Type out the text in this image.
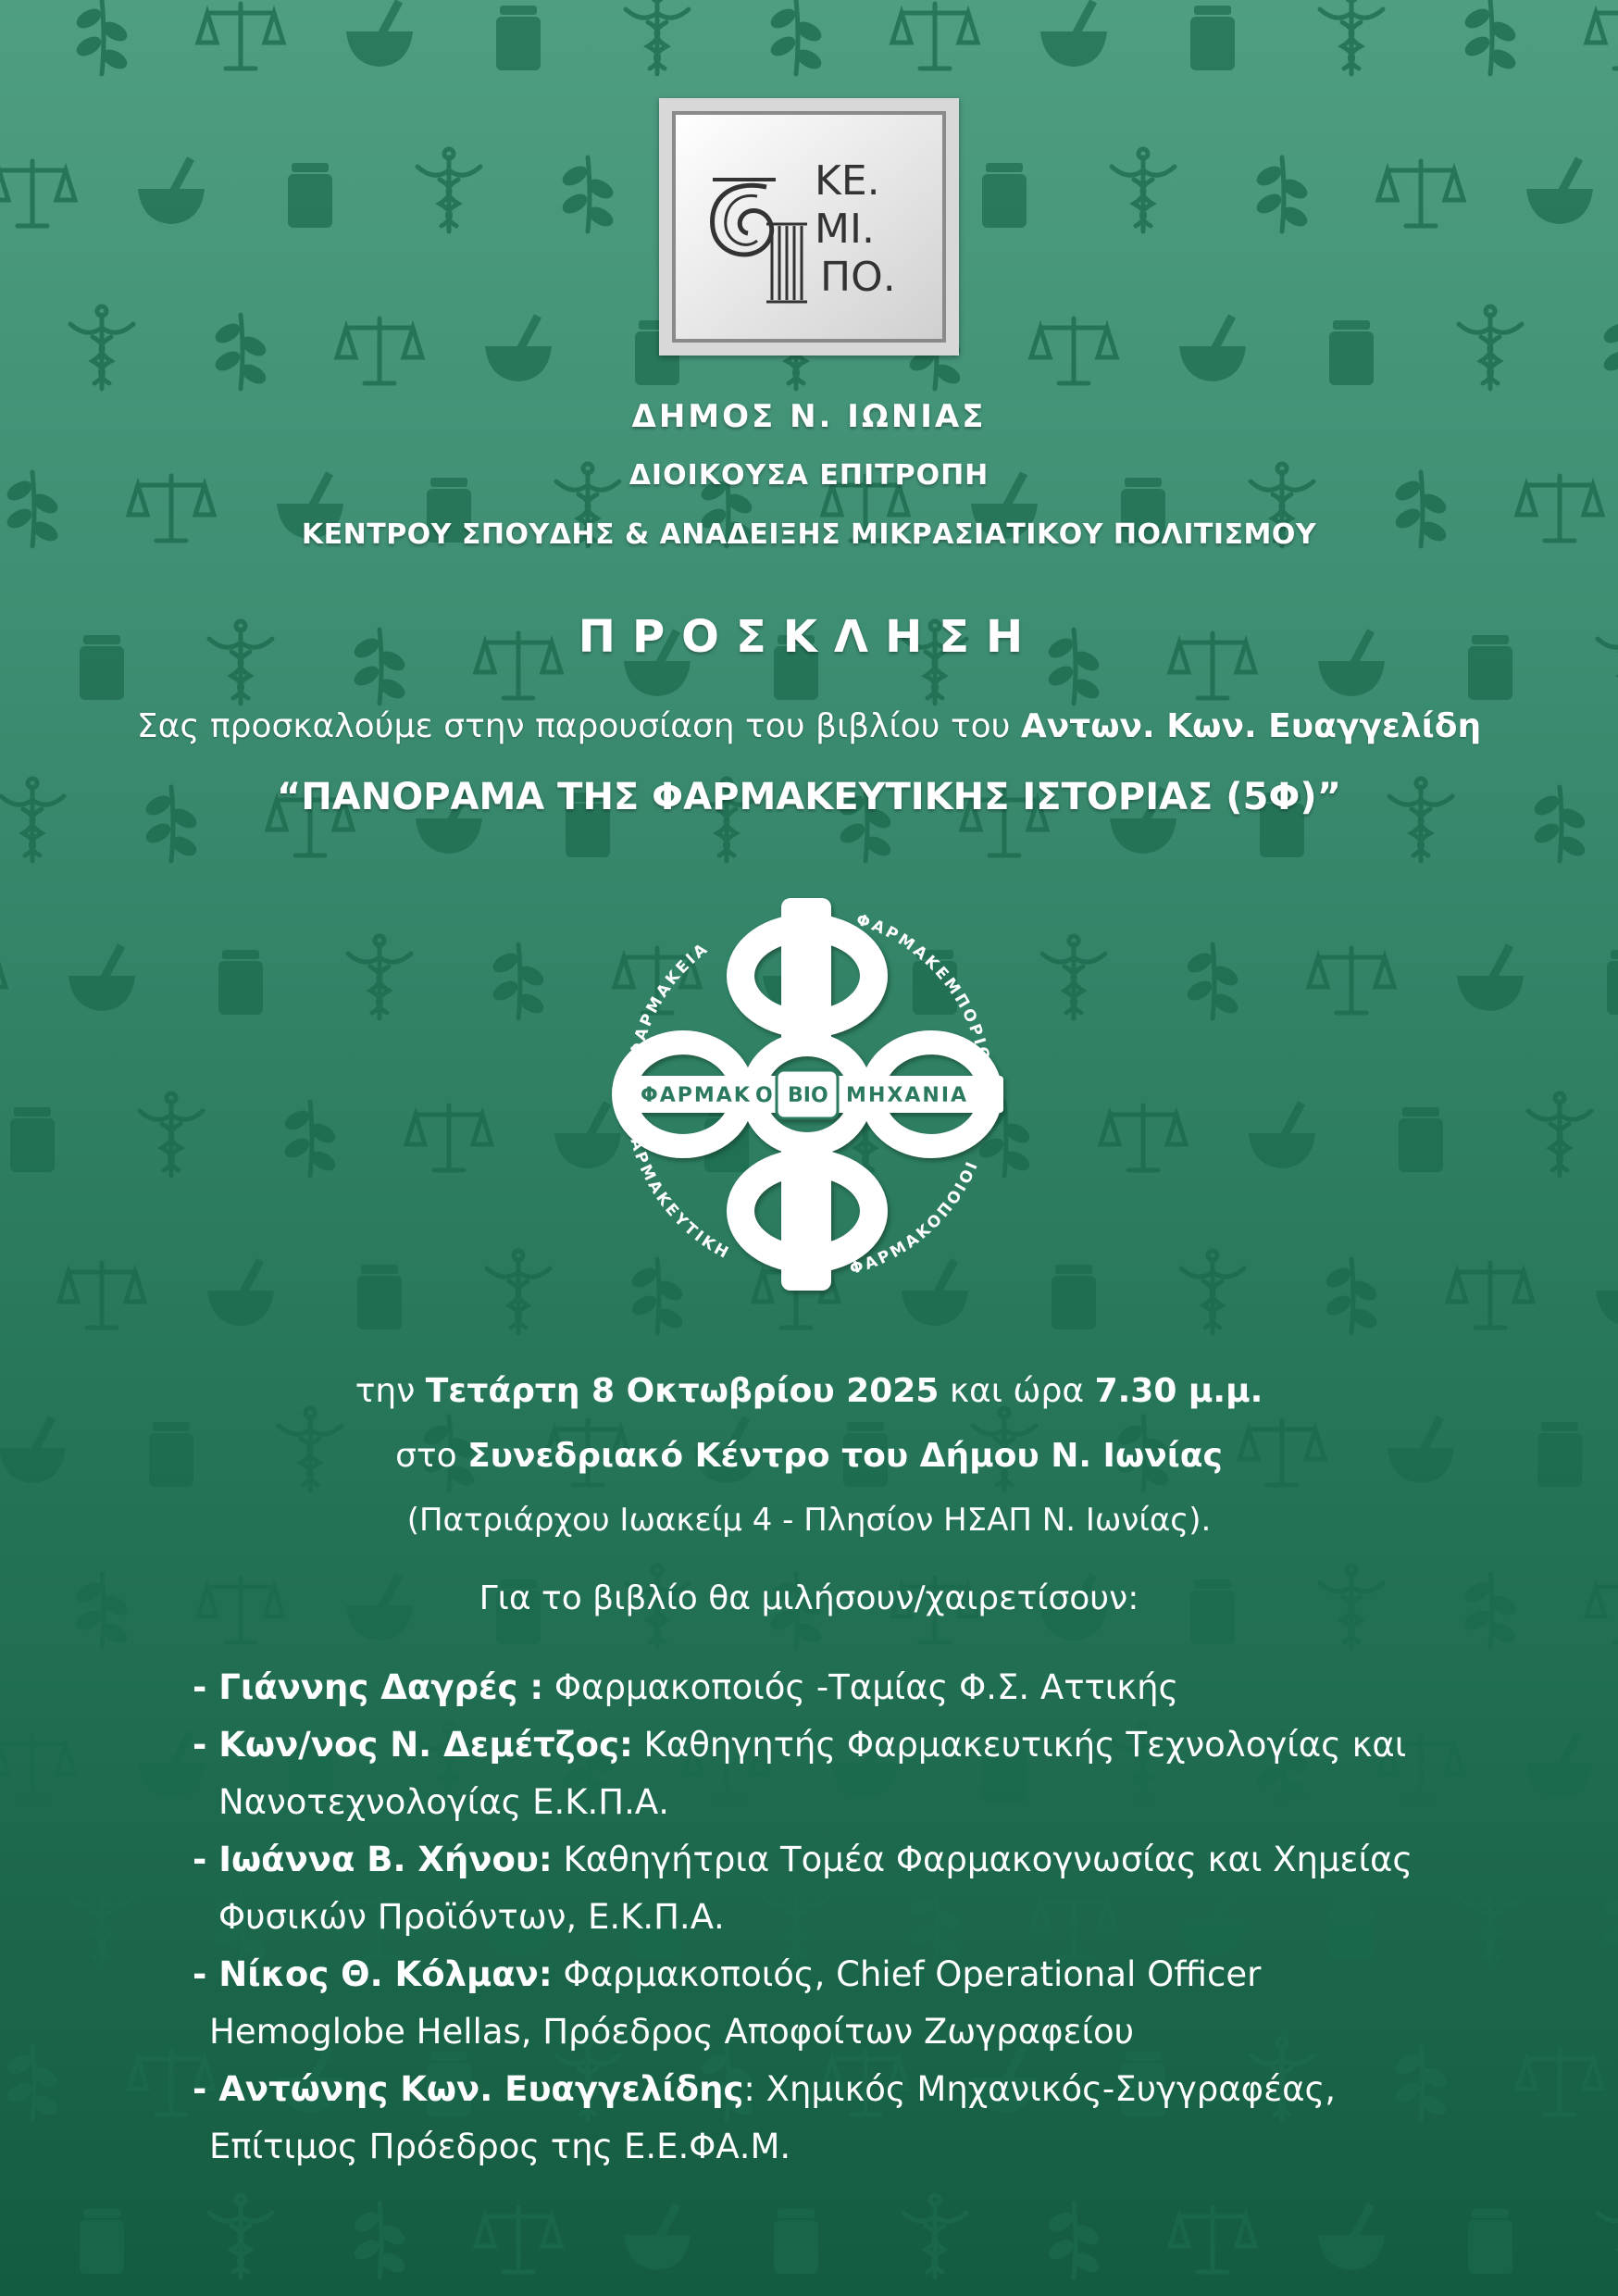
ΚΕ.
ΜΙ.
ΠΟ.
ΔΗΜΟΣ Ν. ΙΩΝΙΑΣ
ΔΙΟΙΚΟΥΣΑ ΕΠΙΤΡΟΠΗ
ΚΕΝΤΡΟΥ ΣΠΟΥΔΗΣ & ΑΝΑΔΕΙΞΗΣ ΜΙΚΡΑΣΙΑΤΙΚΟΥ ΠΟΛΙΤΙΣΜΟΥ
ΠΡΟΣΚΛΗΣΗ
Σας προσκαλούμε στην παρουσίαση του βιβλίου του Αντων. Κων. Ευαγγελίδη
“ΠΑΝΟΡΑΜΑ ΤΗΣ ΦΑΡΜΑΚΕΥΤΙΚΗΣ ΙΣΤΟΡΙΑΣ (5Φ)”
ΦΑΡΜΑΚ Ο ΒΙΟ Μ ΗΧΑΝΙΑ
ΦΑΡΜΑΚΕΙΑ
ΦΑΡΜΑΚΕΜΠΟΡΙΟ
ΦΑΡΜΑΚΕΥΤΙΚΗ
ΦΑΡΜΑΚΟΠΟΙΟΙ
την Τετάρτη 8 Οκτωβρίου 2025 και ώρα 7.30 μ.μ.
στο Συνεδριακό Κέντρο του Δήμου Ν. Ιωνίας
(Πατριάρχου Ιωακείμ 4 - Πλησίον ΗΣΑΠ Ν. Ιωνίας).
Για το βιβλίο θα μιλήσουν/χαιρετίσουν:
- Γιάννης Δαγρές : Φαρμακοποιός -Ταμίας Φ.Σ. Αττικής
- Κων/νος Ν. Δεμέτζος: Καθηγητής Φαρμακευτικής Τεχνολογίας και
Νανοτεχνολογίας Ε.Κ.Π.Α.
- Ιωάννα Β. Χήνου: Καθηγήτρια Τομέα Φαρμακογνωσίας και Χημείας
Φυσικών Προϊόντων, Ε.Κ.Π.Α.
- Νίκος Θ. Κόλμαν: Φαρμακοποιός, Chief Operational Officer
Hemoglobe Hellas, Πρόεδρος Αποφοίτων Ζωγραφείου
- Αντώνης Κων. Ευαγγελίδης: Χημικός Μηχανικός-Συγγραφέας,
Επίτιμος Πρόεδρος της Ε.Ε.ΦΑ.Μ.
